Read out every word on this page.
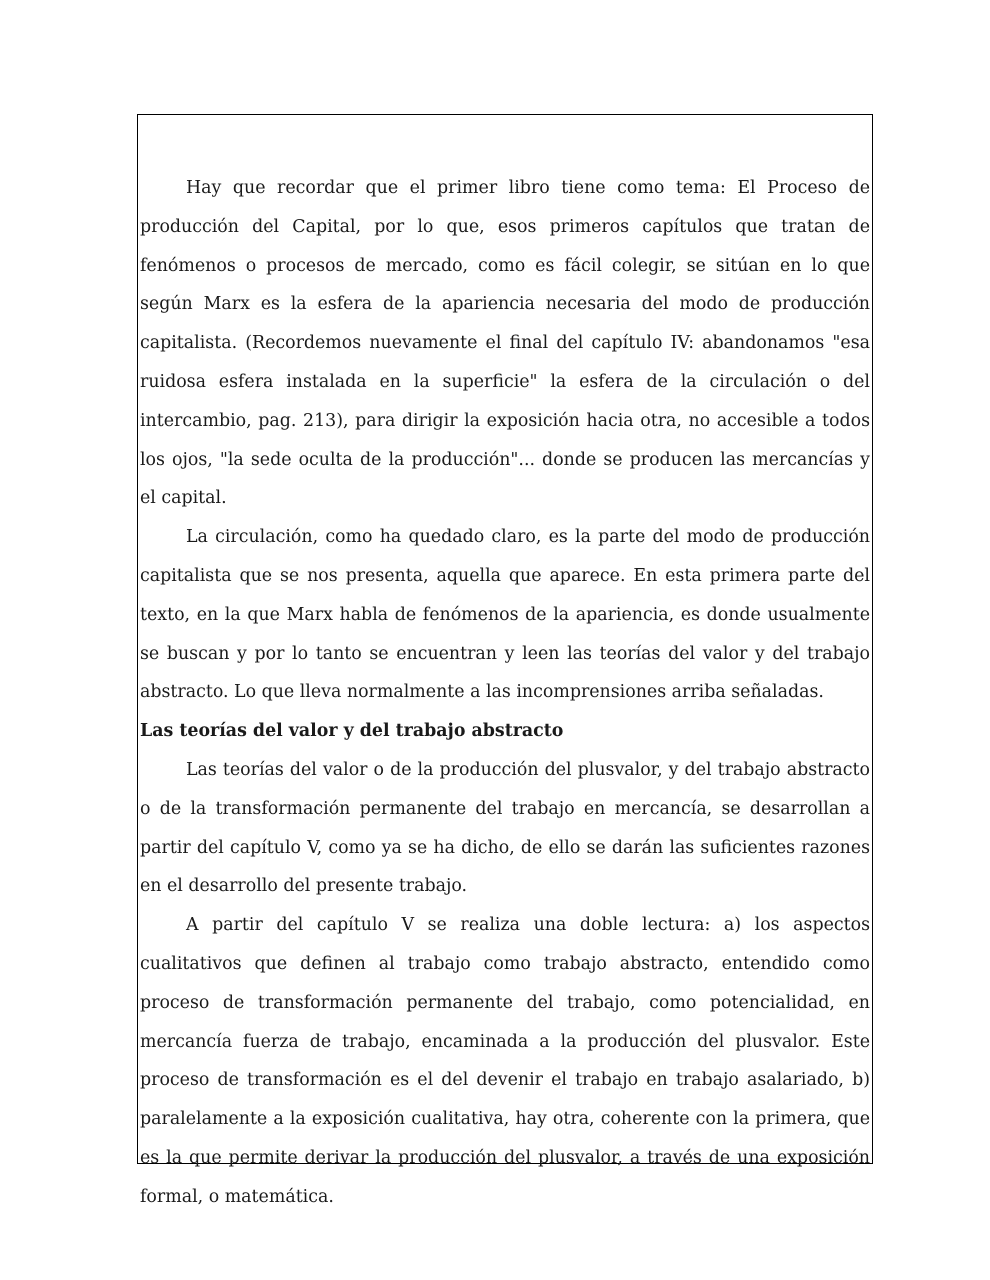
Hay que recordar que el primer libro tiene como tema: El Proceso de producción del Capital, por lo que, esos primeros capítulos que tratan de fenómenos o procesos de mercado, como es fácil colegir, se sitúan en lo que según Marx es la esfera de la apariencia necesaria del modo de producción capitalista. (Recordemos nuevamente el final del capítulo IV: abandonamos "esa ruidosa esfera instalada en la superficie" la esfera de la circulación o del intercambio, pag. 213), para dirigir la exposición hacia otra, no accesible a todos los ojos, "la sede oculta de la producción"... donde se producen las mercancías y el capital.

La circulación, como ha quedado claro, es la parte del modo de producción capitalista que se nos presenta, aquella que aparece. En esta primera parte del texto, en la que Marx habla de fenómenos de la apariencia, es donde usualmente se buscan y por lo tanto se encuentran y leen las teorías del valor y del trabajo abstracto. Lo que lleva normalmente a las incomprensiones arriba señaladas.

Las teorías del valor y del trabajo abstracto

Las teorías del valor o de la producción del plusvalor, y del trabajo abstracto o de la transformación permanente del trabajo en mercancía, se desarrollan a partir del capítulo V, como ya se ha dicho, de ello se darán las suficientes razones en el desarrollo del presente trabajo.

A partir del capítulo V se realiza una doble lectura: a) los aspectos cualitativos que definen al trabajo como trabajo abstracto, entendido como proceso de transformación permanente del trabajo, como potencialidad, en mercancía fuerza de trabajo, encaminada a la producción del plusvalor. Este proceso de transformación es el del devenir el trabajo en trabajo asalariado, b) paralelamente a la exposición cualitativa, hay otra, coherente con la primera, que es la que permite derivar la producción del plusvalor, a través de una exposición formal, o matemática.
